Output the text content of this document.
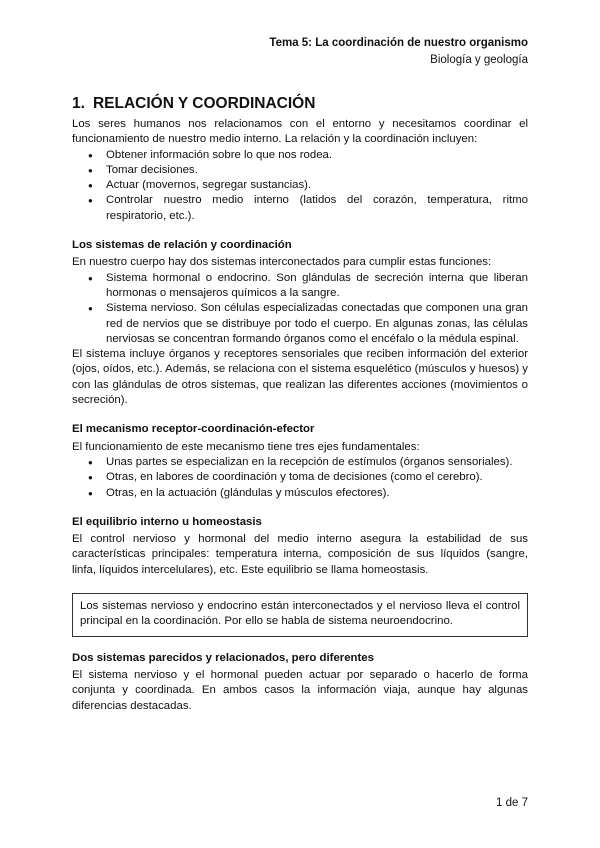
Tema 5: La coordinación de nuestro organismo
Biología y geología
1. RELACIÓN Y COORDINACIÓN

Los seres humanos nos relacionamos con el entorno y necesitamos coordinar el funcionamiento de nuestro medio interno. La relación y la coordinación incluyen:

● Obtener información sobre lo que nos rodea.
● Tomar decisiones.
● Actuar (movernos, segregar sustancias).
● Controlar nuestro medio interno (latidos del corazón, temperatura, ritmo respiratorio, etc.).
Los sistemas de relación y coordinación

En nuestro cuerpo hay dos sistemas interconectados para cumplir estas funciones:

● Sistema hormonal o endocrino. Son glándulas de secreción interna que liberan hormonas o mensajeros químicos a la sangre.
● Sistema nervioso. Son células especializadas conectadas que componen una gran red de nervios que se distribuye por todo el cuerpo. En algunas zonas, las células nerviosas se concentran formando órganos como el encéfalo o la médula espinal.

El sistema incluye órganos y receptores sensoriales que reciben información del exterior (ojos, oídos, etc.). Además, se relaciona con el sistema esquelético (músculos y huesos) y con las glándulas de otros sistemas, que realizan las diferentes acciones (movimientos o secreción).

El mecanismo receptor-coordinación-efector

El funcionamiento de este mecanismo tiene tres ejes fundamentales:

● Unas partes se especializan en la recepción de estímulos (órganos sensoriales).
● Otras, en labores de coordinación y toma de decisiones (como el cerebro).
● Otras, en la actuación (glándulas y músculos efectores).
El equilibrio interno u homeostasis

El control nervioso y hormonal del medio interno asegura la estabilidad de sus características principales: temperatura interna, composición de sus líquidos (sangre, linfa, líquidos intercelulares), etc. Este equilibrio se llama homeostasis.

Los sistemas nervioso y endocrino están interconectados y el nervioso lleva el control principal en la coordinación. Por ello se habla de sistema neuroendocrino.
Dos sistemas parecidos y relacionados, pero diferentes

El sistema nervioso y el hormonal pueden actuar por separado o hacerlo de forma conjunta y coordinada. En ambos casos la información viaja, aunque hay algunas diferencias destacadas.

1 de 7
